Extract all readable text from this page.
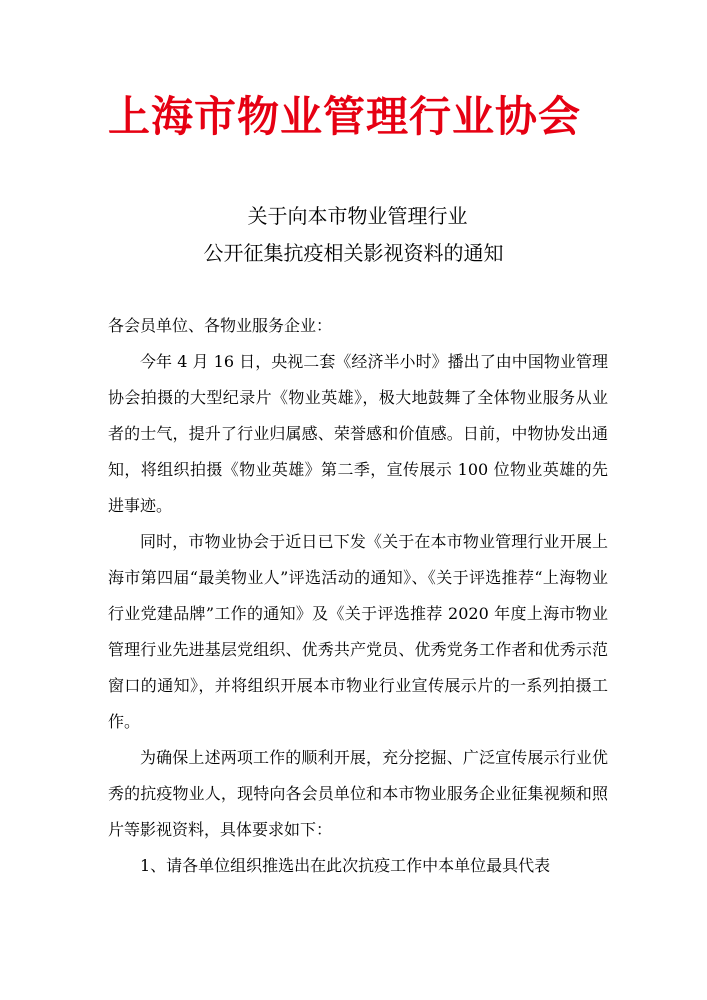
上海市物业管理行业协会
关于向本市物业管理行业
公开征集抗疫相关影视资料的通知

各会员单位、各物业服务企业：

今年 4 月 16 日，央视二套《经济半小时》播出了由中国物业管理协会拍摄的大型纪录片《物业英雄》，极大地鼓舞了全体物业服务从业者的士气，提升了行业归属感、荣誉感和价值感。日前，中物协发出通知，将组织拍摄《物业英雄》第二季，宣传展示 100 位物业英雄的先进事迹。

同时，市物业协会于近日已下发《关于在本市物业管理行业开展上海市第四届“最美物业人”评选活动的通知》、《关于评选推荐“上海物业行业党建品牌”工作的通知》及《关于评选推荐 2020 年度上海市物业管理行业先进基层党组织、优秀共产党员、优秀党务工作者和优秀示范窗口的通知》，并将组织开展本市物业行业宣传展示片的一系列拍摄工作。

为确保上述两项工作的顺利开展，充分挖掘、广泛宣传展示行业优秀的抗疫物业人，现特向各会员单位和本市物业服务企业征集视频和照片等影视资料，具体要求如下：

1、请各单位组织推选出在此次抗疫工作中本单位最具代表
